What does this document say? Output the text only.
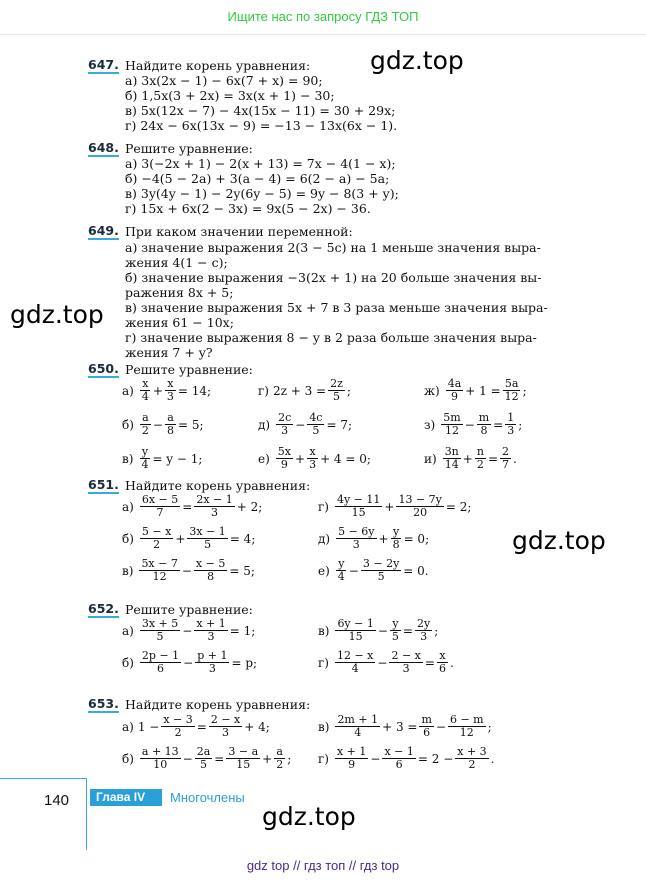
Ищите нас по запросу ГДЗ ТОП
gdz.top
gdz.top
gdz.top
gdz.top
647. Найдите корень уравнения:
а) 3x(2x − 1) − 6x(7 + x) = 90;
б) 1,5x(3 + 2x) = 3x(x + 1) − 30;
в) 5x(12x − 7) − 4x(15x − 11) = 30 + 29x;
г) 24x − 6x(13x − 9) = −13 − 13x(6x − 1).
648. Решите уравнение:
а) 3(−2x + 1) − 2(x + 13) = 7x − 4(1 − x);
б) −4(5 − 2a) + 3(a − 4) = 6(2 − a) − 5a;
в) 3y(4y − 1) − 2y(6y − 5) = 9y − 8(3 + y);
г) 15x + 6x(2 − 3x) = 9x(5 − 2x) − 36.
649. При каком значении переменной:
а) значение выражения 2(3 − 5c) на 1 меньше значения выра-
жения 4(1 − c);
б) значение выражения −3(2x + 1) на 20 больше значения вы-
ражения 8x + 5;
в) значение выражения 5x + 7 в 3 раза меньше значения выра-
жения 61 − 10x;
г) значение выражения 8 − y в 2 раза больше значения выра-
жения 7 + y?
650. Решите уравнение:
$а) \frac{x}{4} + \frac{x}{3} = 14$;	г) $2z + 3 = \frac{2z}{5}$ ;	$ж) \frac{4a}{9} + 1 = \frac{5a}{12}$ ;
$б) \frac{a}{2} - \frac{a}{8} = 5$;	$д) \frac{2c}{3} - \frac{4c}{5} = 7$;	$з) \frac{5m}{12} - \frac{m}{8} = \frac{1}{3}$ ;
$в) \frac{y}{4} = y - 1$;	$е) \frac{5x}{9} + \frac{x}{3} + 4 = 0$;	$и) \frac{3n}{14} + \frac{n}{2} = \frac{2}{7}$ .
651. Найдите корень уравнения:
$а) \frac{6x - 5}{7} = \frac{2x - 1}{3} + 2$;	$г) \frac{4y - 11}{15} + \frac{13 - 7y}{20} = 2$;
$б) \frac{5 - x}{2} + \frac{3x - 1}{5} = 4$;	$д) \frac{5 - 6y}{3} + \frac{y}{8} = 0$;
$в) \frac{5x - 7}{12} - \frac{x - 5}{8} = 5$;	$е) \frac{y}{4} - \frac{3 - 2y}{5} = 0$.
652. Решите уравнение:
$а) \frac{3x + 5}{5} - \frac{x + 1}{3} = 1$;	$в) \frac{6y - 1}{15} - \frac{y}{5} = \frac{2y}{3}$ ;
$б) \frac{2p - 1}{6} - \frac{p + 1}{3} = p$;	$г) \frac{12 - x}{4} - \frac{2 - x}{3} = \frac{x}{6}$ .
653. Найдите корень уравнения:
а) $1 - \frac{x - 3}{2} = \frac{2 - x}{3} + 4$;	$в) \frac{2m + 1}{4} + 3 = \frac{m}{6} - \frac{6 - m}{12}$ ;
$б) \frac{a + 13}{10} - \frac{2a}{5} = \frac{3 - a}{15} + \frac{a}{2}$ ; $г) \frac{x + 1}{9} - \frac{x - 1}{6} = 2 - \frac{x + 3}{2}$ .
140	Глава IV	Многочлены
gdz top // гдз топ // гдз top
